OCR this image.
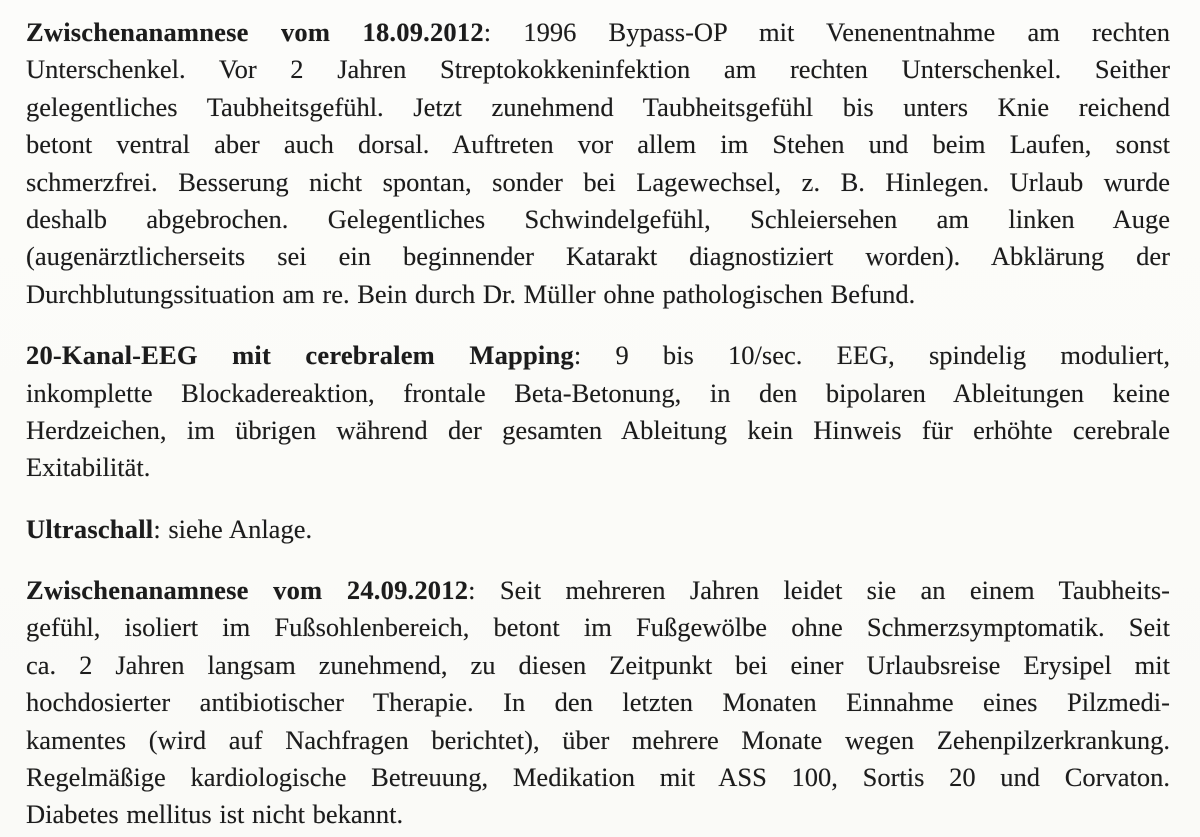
Zwischenanamnese vom 18.09.2012: 1996 Bypass-OP mit Venenentnahme am rechten
Unterschenkel. Vor 2 Jahren Streptokokkeninfektion am rechten Unterschenkel. Seither
gelegentliches Taubheitsgefühl. Jetzt zunehmend Taubheitsgefühl bis unters Knie reichend
betont ventral aber auch dorsal. Auftreten vor allem im Stehen und beim Laufen, sonst
schmerzfrei. Besserung nicht spontan, sonder bei Lagewechsel, z. B. Hinlegen. Urlaub wurde
deshalb abgebrochen. Gelegentliches Schwindelgefühl, Schleiersehen am linken Auge
(augenärztlicherseits sei ein beginnender Katarakt diagnostiziert worden). Abklärung der
Durchblutungssituation am re. Bein durch Dr. Müller ohne pathologischen Befund.
20-Kanal-EEG mit cerebralem Mapping: 9 bis 10/sec. EEG, spindelig moduliert,
inkomplette Blockadereaktion, frontale Beta-Betonung, in den bipolaren Ableitungen keine
Herdzeichen, im übrigen während der gesamten Ableitung kein Hinweis für erhöhte cerebrale
Exitabilität.
Ultraschall: siehe Anlage.
Zwischenanamnese vom 24.09.2012: Seit mehreren Jahren leidet sie an einem Taubheits-
gefühl, isoliert im Fußsohlenbereich, betont im Fußgewölbe ohne Schmerzsymptomatik. Seit
ca. 2 Jahren langsam zunehmend, zu diesen Zeitpunkt bei einer Urlaubsreise Erysipel mit
hochdosierter antibiotischer Therapie. In den letzten Monaten Einnahme eines Pilzmedi-
kamentes (wird auf Nachfragen berichtet), über mehrere Monate wegen Zehenpilzerkrankung.
Regelmäßige kardiologische Betreuung, Medikation mit ASS 100, Sortis 20 und Corvaton.
Diabetes mellitus ist nicht bekannt.
